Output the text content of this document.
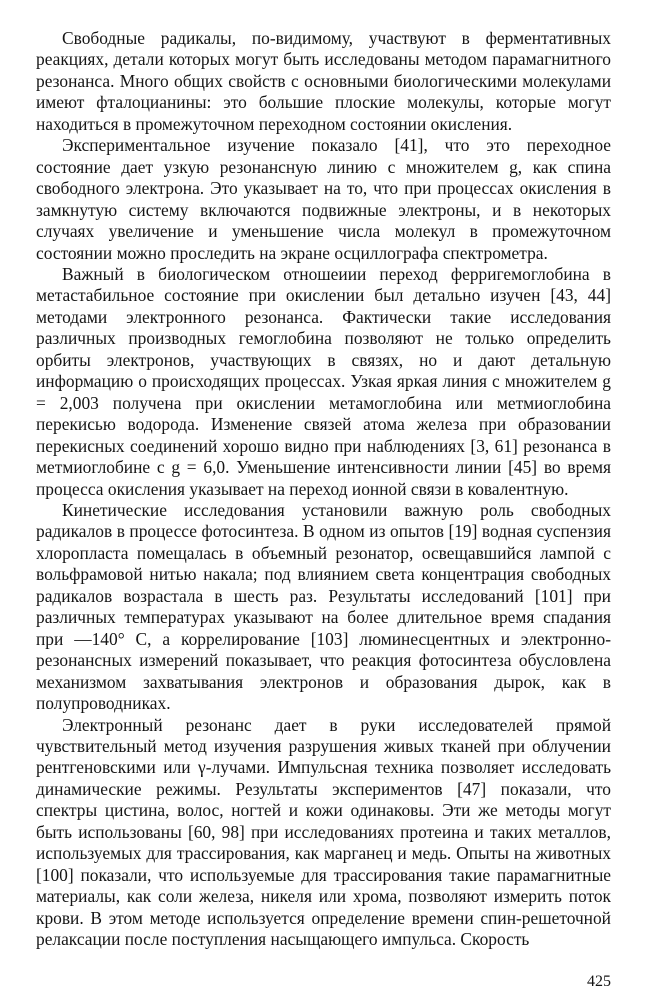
Свободные радикалы, по-видимому, участвуют в ферментативных реакциях, детали которых могут быть исследованы методом парамагнитного резонанса. Много общих свойств с основными биологическими молекулами имеют фталоцианины: это большие плоские молекулы, которые могут находиться в промежуточном переходном состоянии окисления.

Экспериментальное изучение показало [41], что это переходное состояние дает узкую резонансную линию с множителем g, как спина свободного электрона. Это указывает на то, что при процессах окисления в замкнутую систему включаются подвижные электроны, и в некоторых случаях увеличение и уменьшение числа молекул в промежуточном состоянии можно проследить на экране осциллографа спектрометра.

Важный в биологическом отношеиии переход ферригемоглобина в метастабильное состояние при окислении был детально изучен [43, 44] методами электронного резонанса. Фактически такие исследования различных производных гемоглобина позволяют не только определить орбиты электронов, участвующих в связях, но и дают детальную информацию о происходящих процессах. Узкая яркая линия с множителем g = 2,003 получена при окислении метамоглобина или метмиоглобина перекисью водорода. Изменение связей атома железа при образовании перекисных соединений хорошо видно при наблюдениях [3, 61] резонанса в метмиоглобине с g = 6,0. Уменьшение интенсивности линии [45] во время процесса окисления указывает на переход ионной связи в ковалентную.

Кинетические исследования установили важную роль свободных радикалов в процессе фотосинтеза. В одном из опытов [19] водная суспензия хлоропласта помещалась в объемный резонатор, освещавшийся лампой с вольфрамовой нитью накала; под влиянием света концентрация свободных радикалов возрастала в шесть раз. Результаты исследований [101] при различных температурах указывают на более длительное время спадания при —140° С, а коррелирование [103] люминесцентных и электронно-резонансных измерений показывает, что реакция фотосинтеза обусловлена механизмом захватывания электронов и образования дырок, как в полупроводниках.

Электронный резонанс дает в руки исследователей прямой чувствительный метод изучения разрушения живых тканей при облучении рентгеновскими или γ-лучами. Импульсная техника позволяет исследовать динамические режимы. Результаты экспериментов [47] показали, что спектры цистина, волос, ногтей и кожи одинаковы. Эти же методы могут быть использованы [60, 98] при исследованиях протеина и таких металлов, используемых для трассирования, как марганец и медь. Опыты на животных [100] показали, что используемые для трассирования такие парамагнитные материалы, как соли железа, никеля или хрома, позволяют измерить поток крови. В этом методе используется определение времени спин-решеточной релаксации после поступления насыщающего импульса. Скорость

425
